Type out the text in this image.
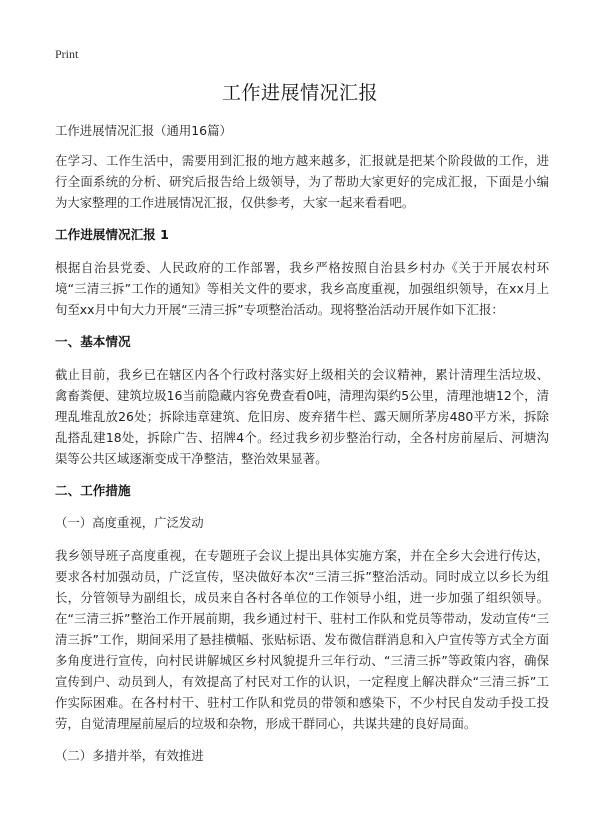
Print
工作进展情况汇报

工作进展情况汇报（通用16篇）

在学习、工作生活中，需要用到汇报的地方越来越多，汇报就是把某个阶段做的工作，进行全面系统的分析、研究后报告给上级领导，为了帮助大家更好的完成汇报，下面是小编为大家整理的工作进展情况汇报，仅供参考，大家一起来看看吧。

工作进展情况汇报 1

根据自治县党委、人民政府的工作部署，我乡严格按照自治县乡村办《关于开展农村环境“三清三拆”工作的通知》等相关文件的要求，我乡高度重视，加强组织领导，在xx月上旬至xx月中旬大力开展“三清三拆”专项整治活动。现将整治活动开展作如下汇报：

一、基本情况

截止目前，我乡已在辖区内各个行政村落实好上级相关的会议精神，累计清理生活垃圾、禽畜粪便、建筑垃圾16当前隐藏内容免费查看0吨，清理沟渠约5公里，清理池塘12个，清理乱堆乱放26处；拆除违章建筑、危旧房、废弃猪牛栏、露天厕所茅房480平方米，拆除乱搭乱建18处，拆除广告、招牌4个。经过我乡初步整治行动，全各村房前屋后、河塘沟渠等公共区域逐渐变成干净整洁，整治效果显著。

二、工作措施

（一）高度重视，广泛发动

我乡领导班子高度重视，在专题班子会议上提出具体实施方案，并在全乡大会进行传达，要求各村加强动员，广泛宣传，坚决做好本次“三清三拆”整治活动。同时成立以乡长为组长，分管领导为副组长，成员来自各村各单位的工作领导小组，进一步加强了组织领导。在“三清三拆”整治工作开展前期，我乡通过村干、驻村工作队和党员等带动，发动宣传“三清三拆”工作，期间采用了悬挂横幅、张贴标语、发布微信群消息和入户宣传等方式全方面多角度进行宣传，向村民讲解城区乡村风貌提升三年行动、“三清三拆”等政策内容，确保宣传到户、动员到人，有效提高了村民对工作的认识，一定程度上解决群众“三清三拆”工作实际困难。在各村村干、驻村工作队和党员的带领和感染下，不少村民自发动手投工投劳，自觉清理屋前屋后的垃圾和杂物，形成干群同心，共谋共建的良好局面。

（二）多措并举，有效推进
